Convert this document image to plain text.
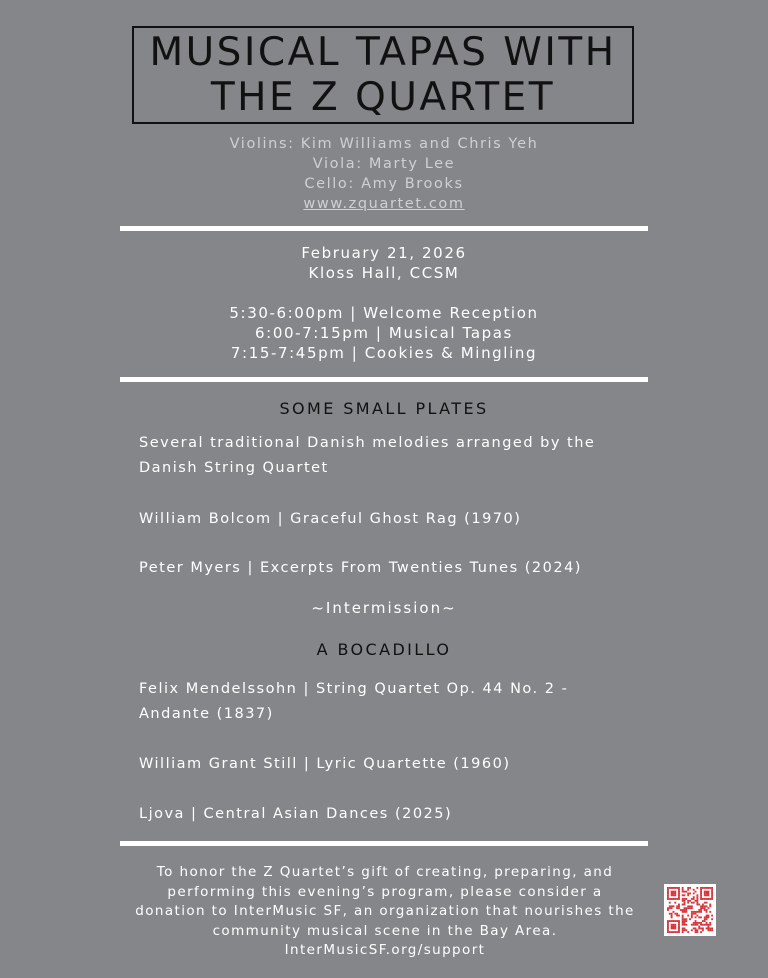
MUSICAL TAPAS WITH
THE Z QUARTET
Violins: Kim Williams and Chris Yeh
Viola: Marty Lee
Cello: Amy Brooks
www.zquartet.com
February 21, 2026
Kloss Hall, CCSM
5:30-6:00pm | Welcome Reception
6:00-7:15pm | Musical Tapas
7:15-7:45pm | Cookies & Mingling
SOME SMALL PLATES
Several traditional Danish melodies arranged by the Danish String Quartet
William Bolcom | Graceful Ghost Rag (1970)
Peter Myers | Excerpts From Twenties Tunes (2024)
~Intermission~
A BOCADILLO
Felix Mendelssohn | String Quartet Op. 44 No. 2 - Andante (1837)
William Grant Still | Lyric Quartette (1960)
Ljova | Central Asian Dances (2025)
To honor the Z Quartet’s gift of creating, preparing, and performing this evening’s program, please consider a donation to InterMusic SF, an organization that nourishes the community musical scene in the Bay Area.
InterMusicSF.org/support
